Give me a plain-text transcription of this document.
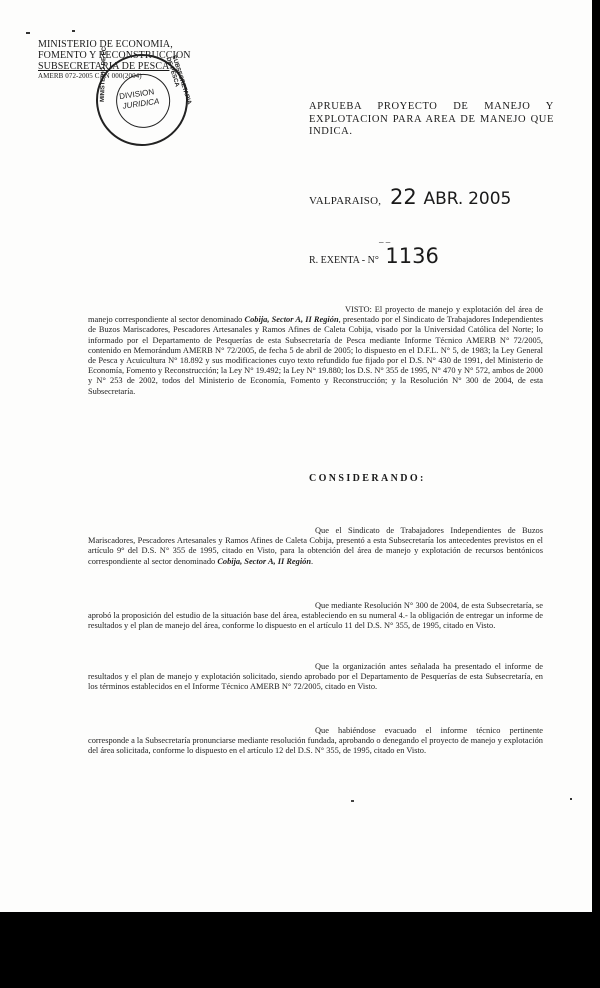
MINISTERIO DE ECONOMIA,
FOMENTO Y RECONSTRUCCION
SUBSECRETARIA DE PESCA
AMERB 072-2005 CAN 000(2004)
MINISTERIO DE EC	SUBSECRETARIA DE PESCA
DIVISION
JURIDICA	APRUEBA PROYECTO DE MANEJO Y EXPLOTACION PARA AREA DE MANEJO QUE INDICA.
VALPARAISO, 22 ABR. 2005
– –
R. EXENTA - N° 1136
VISTO: El proyecto de manejo y explotación del área de manejo correspondiente al sector denominado Cobija, Sector A, II Región, presentado por el Sindicato de Trabajadores Independientes de Buzos Mariscadores, Pescadores Artesanales y Ramos Afines de Caleta Cobija, visado por la Universidad Católica del Norte; lo informado por el Departamento de Pesquerías de esta Subsecretaría de Pesca mediante Informe Técnico AMERB N° 72/2005, contenido en Memorándum AMERB N° 72/2005, de fecha 5 de abril de 2005; lo dispuesto en el D.F.L. N° 5, de 1983; la Ley General de Pesca y Acuicultura N° 18.892 y sus modificaciones cuyo texto refundido fue fijado por el D.S. N° 430 de 1991, del Ministerio de Economía, Fomento y Reconstrucción; la Ley N° 19.492; la Ley N° 19.880; los D.S. N° 355 de 1995, N° 470 y N° 572, ambos de 2000 y N° 253 de 2002, todos del Ministerio de Economía, Fomento y Reconstrucción; y la Resolución N° 300 de 2004, de esta Subsecretaría.
CONSIDERANDO:
Que el Sindicato de Trabajadores Independientes de Buzos Mariscadores, Pescadores Artesanales y Ramos Afines de Caleta Cobija, presentó a esta Subsecretaría los antecedentes previstos en el artículo 9° del D.S. N° 355 de 1995, citado en Visto, para la obtención del área de manejo y explotación de recursos bentónicos correspondiente al sector denominado Cobija, Sector A, II Región.
Que mediante Resolución N° 300 de 2004, de esta Subsecretaría, se aprobó la proposición del estudio de la situación base del área, estableciendo en su numeral 4.- la obligación de entregar un informe de resultados y el plan de manejo del área, conforme lo dispuesto en el artículo 11 del D.S. N° 355, de 1995, citado en Visto.
Que la organización antes señalada ha presentado el informe de resultados y el plan de manejo y explotación solicitado, siendo aprobado por el Departamento de Pesquerías de esta Subsecretaría, en los términos establecidos en el Informe Técnico AMERB N° 72/2005, citado en Visto.
Que habiéndose evacuado el informe técnico pertinente corresponde a la Subsecretaría pronunciarse mediante resolución fundada, aprobando o denegando el proyecto de manejo y explotación del área solicitada, conforme lo dispuesto en el artículo 12 del D.S. N° 355, de 1995, citado en Visto.
